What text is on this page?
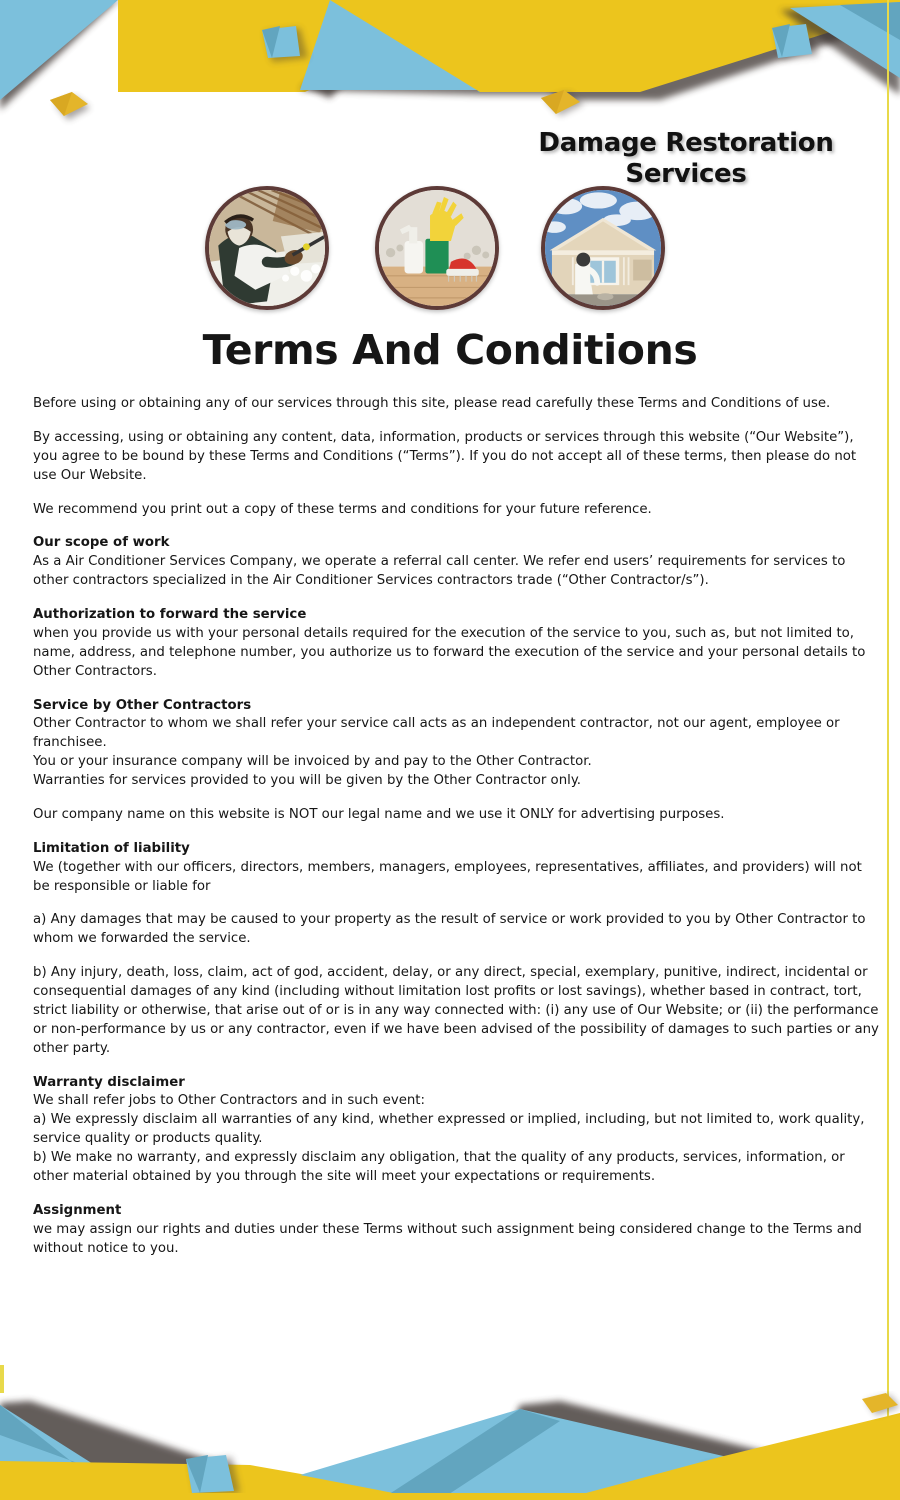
Damage Restoration Services
Terms And Conditions

Before using or obtaining any of our services through this site, please read carefully these Terms and Conditions of use.

By accessing, using or obtaining any content, data, information, products or services through this website (“Our Website”), you agree to be bound by these Terms and Conditions (“Terms”). If you do not accept all of these terms, then please do not use Our Website.

We recommend you print out a copy of these terms and conditions for your future reference.

Our scope of work

As a Air Conditioner Services Company, we operate a referral call center. We refer end users’ requirements for services to other contractors specialized in the Air Conditioner Services contractors trade (“Other Contractor/s”).

Authorization to forward the service

when you provide us with your personal details required for the execution of the service to you, such as, but not limited to, name, address, and telephone number, you authorize us to forward the execution of the service and your personal details to Other Contractors.

Service by Other Contractors

Other Contractor to whom we shall refer your service call acts as an independent contractor, not our agent, employee or franchisee.

You or your insurance company will be invoiced by and pay to the Other Contractor.

Warranties for services provided to you will be given by the Other Contractor only.

Our company name on this website is NOT our legal name and we use it ONLY for advertising purposes.

Limitation of liability

We (together with our officers, directors, members, managers, employees, representatives, affiliates, and providers) will not be responsible or liable for

a) Any damages that may be caused to your property as the result of service or work provided to you by Other Contractor to whom we forwarded the service.

b) Any injury, death, loss, claim, act of god, accident, delay, or any direct, special, exemplary, punitive, indirect, incidental or consequential damages of any kind (including without limitation lost profits or lost savings), whether based in contract, tort, strict liability or otherwise, that arise out of or is in any way connected with: (i) any use of Our Website; or (ii) the performance or non-performance by us or any contractor, even if we have been advised of the possibility of damages to such parties or any other party.

Warranty disclaimer

We shall refer jobs to Other Contractors and in such event:

a) We expressly disclaim all warranties of any kind, whether expressed or implied, including, but not limited to, work quality, service quality or products quality.

b) We make no warranty, and expressly disclaim any obligation, that the quality of any products, services, information, or other material obtained by you through the site will meet your expectations or requirements.

Assignment

we may assign our rights and duties under these Terms without such assignment being considered change to the Terms and without notice to you.
